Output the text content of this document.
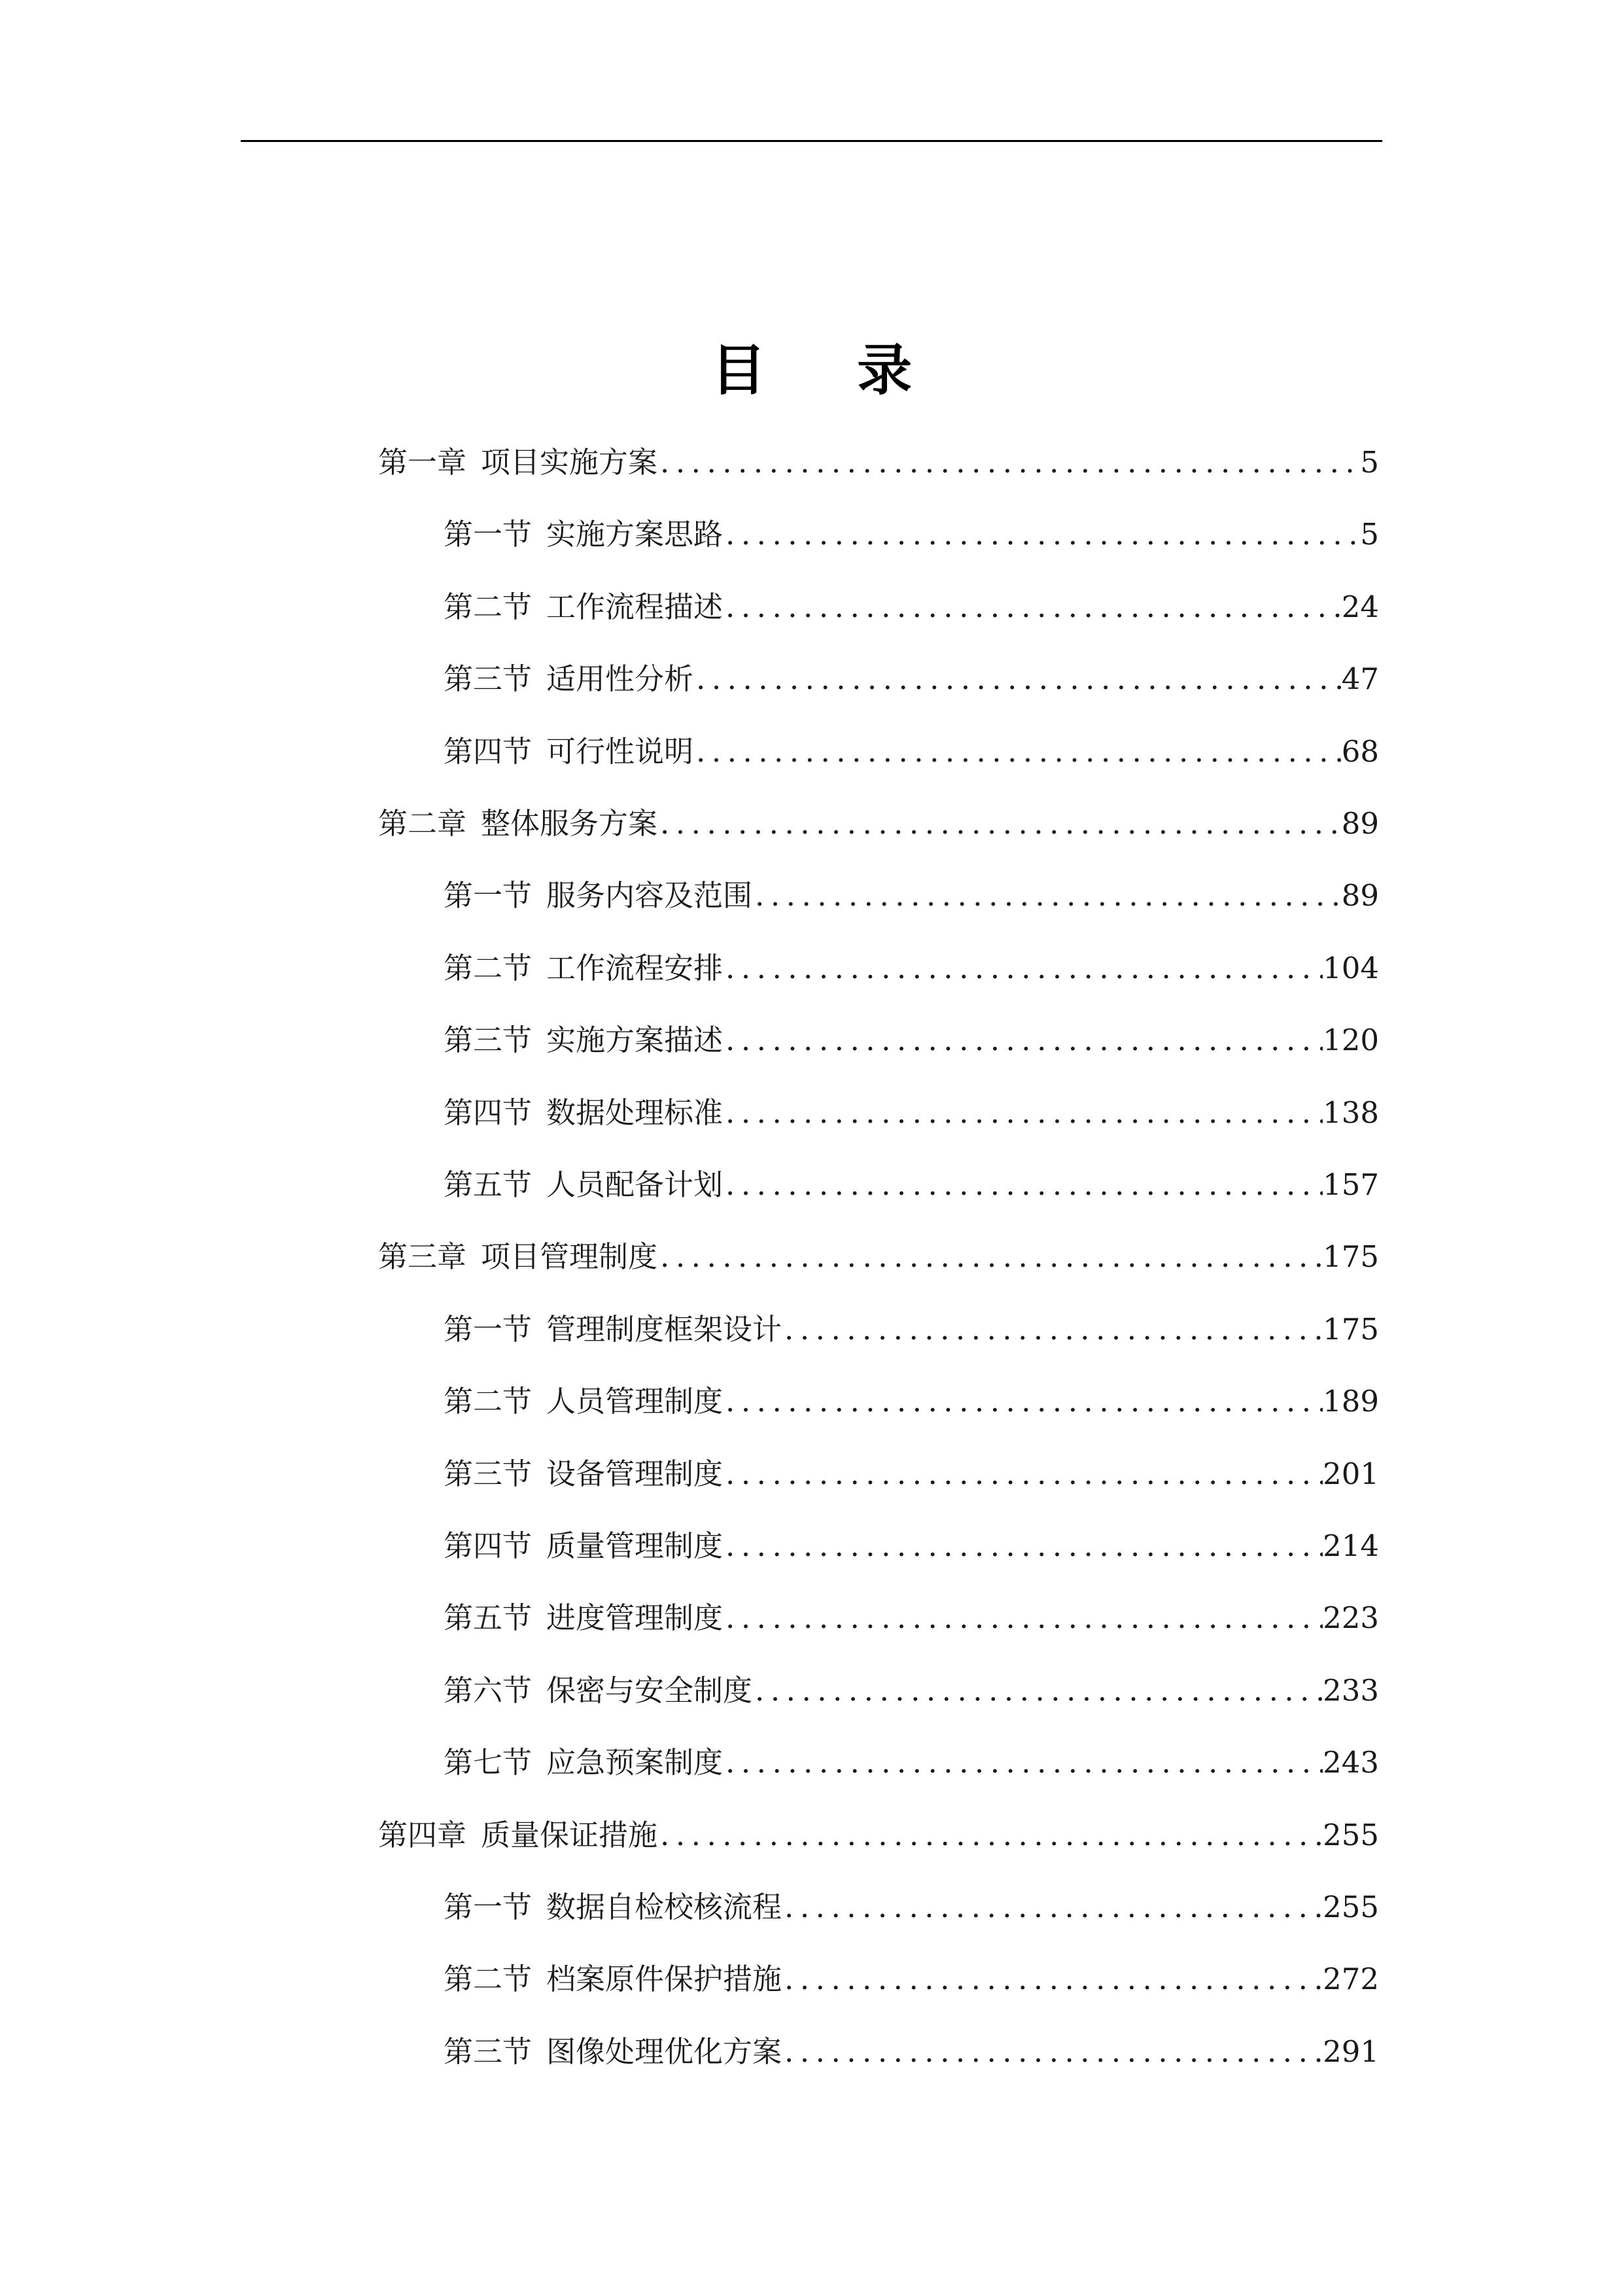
目 录
第一章 项目实施方案 .....	5
第一节 实施方案思路 .....	5
第二节 工作流程描述 .....	24
第三节 适用性分析 .....	47
第四节 可行性说明 .....	68
第二章 整体服务方案 .....	89
第一节 服务内容及范围 .....	89
第二节 工作流程安排 .....	104
第三节 实施方案描述 .....	120
第四节 数据处理标准 .....	138
第五节 人员配备计划 .....	157
第三章 项目管理制度 .....	175
第一节 管理制度框架设计 .....	175
第二节 人员管理制度 .....	189
第三节 设备管理制度 .....	201
第四节 质量管理制度 .....	214
第五节 进度管理制度 .....	223
第六节 保密与安全制度 .....	233
第七节 应急预案制度 .....	243
第四章 质量保证措施 .....	255
第一节 数据自检校核流程 .....	255
第二节 档案原件保护措施 .....	272
第三节 图像处理优化方案 .....	291
